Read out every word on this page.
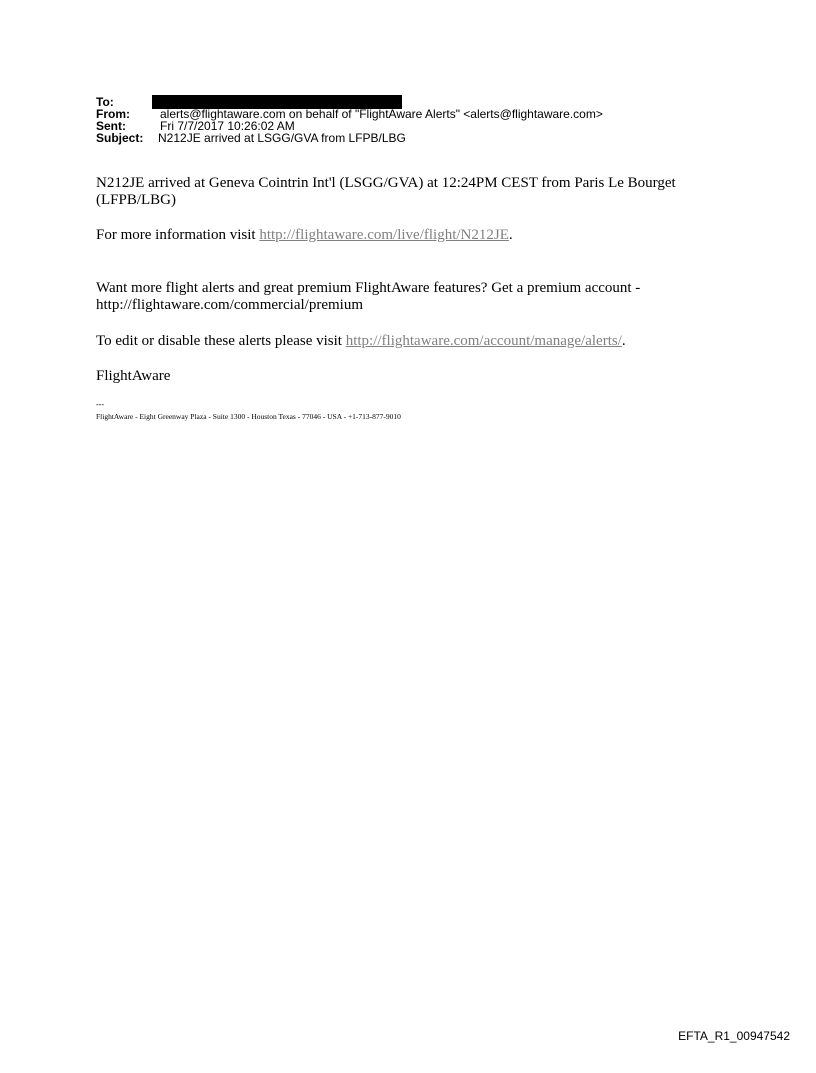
To:
From:	alerts@flightaware.com on behalf of "FlightAware Alerts" <alerts@flightaware.com>
Sent:	Fri 7/7/2017 10:26:02 AM
Subject:	N212JE arrived at LSGG/GVA from LFPB/LBG

N212JE arrived at Geneva Cointrin Int'l (LSGG/GVA) at 12:24PM CEST from Paris Le Bourget (LFPB/LBG)

For more information visit http://flightaware.com/live/flight/N212JE.

Want more flight alerts and great premium FlightAware features? Get a premium account - http://flightaware.com/commercial/premium

To edit or disable these alerts please visit http://flightaware.com/account/manage/alerts/.

FlightAware

---
FlightAware - Eight Greenway Plaza - Suite 1300 - Houston Texas - 77046 - USA - +1-713-877-9010
EFTA_R1_00947542
